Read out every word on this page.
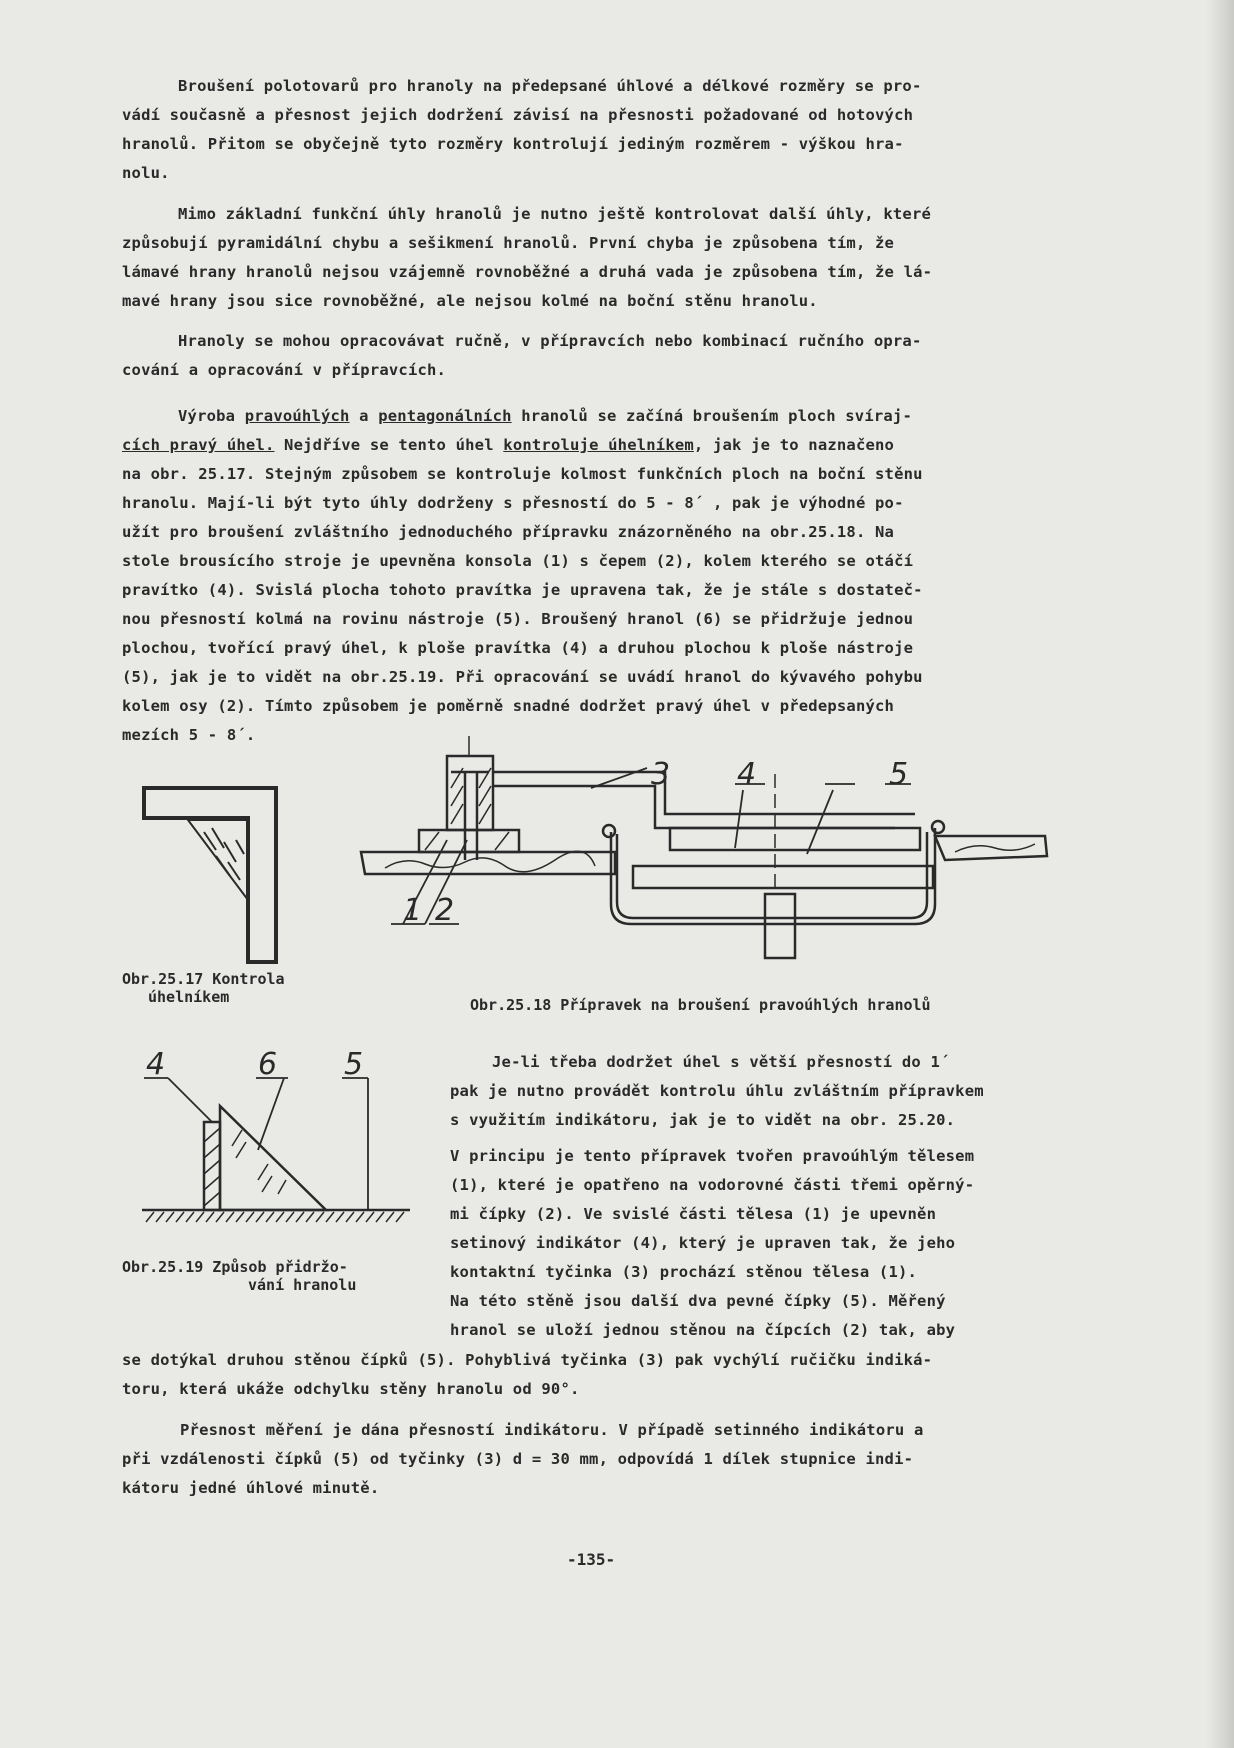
Broušení polotovarů pro hranoly na předepsané úhlové a délkové rozměry se pro-
vádí současně a přesnost jejich dodržení závisí na přesnosti požadované od hotových
hranolů. Přitom se obyčejně tyto rozměry kontrolují jediným rozměrem - výškou hra-
nolu.

Mimo základní funkční úhly hranolů je nutno ještě kontrolovat další úhly, které
způsobují pyramidální chybu a sešikmení hranolů. První chyba je způsobena tím, že
lámavé hrany hranolů nejsou vzájemně rovnoběžné a druhá vada je způsobena tím, že lá-
mavé hrany jsou sice rovnoběžné, ale nejsou kolmé na boční stěnu hranolu.

Hranoly se mohou opracovávat ručně, v přípravcích nebo kombinací ručního opra-
cování a opracování v přípravcích.

Výroba pravoúhlých a pentagonálních hranolů se začíná broušením ploch svíraj-
cích pravý úhel. Nejdříve se tento úhel kontroluje úhelníkem, jak je to naznačeno
na obr. 25.17. Stejným způsobem se kontroluje kolmost funkčních ploch na boční stěnu
hranolu. Mají-li být tyto úhly dodrženy s přesností do 5 - 8´ , pak je výhodné po-
užít pro broušení zvláštního jednoduchého přípravku znázorněného na obr.25.18. Na
stole brousícího stroje je upevněna konsola (1) s čepem (2), kolem kterého se otáčí
pravítko (4). Svislá plocha tohoto pravítka je upravena tak, že je stále s dostateč-
nou přesností kolmá na rovinu nástroje (5). Broušený hranol (6) se přidržuje jednou
plochou, tvořící pravý úhel, k ploše pravítka (4) a druhou plochou k ploše nástroje
(5), jak je to vidět na obr.25.19. Při opracování se uvádí hranol do kývavého pohybu
kolem osy (2). Tímto způsobem je poměrně snadné dodržet pravý úhel v předepsaných
mezích 5 - 8´.

Obr.25.17 Kontrola
úhelníkem

3 4	5
1 2

Obr.25.18 Přípravek na broušení pravoúhlých hranolů

Je-li třeba dodržet úhel s větší přesností do 1´
pak je nutno provádět kontrolu úhlu zvláštním přípravkem
s využitím indikátoru, jak je to vidět na obr. 25.20.

4	6 5

Obr.25.19 Způsob přidržo-
vání hranolu

V principu je tento přípravek tvořen pravoúhlým tělesem
(1), které je opatřeno na vodorovné části třemi opěrný-
mi čípky (2). Ve svislé části tělesa (1) je upevněn
setinový indikátor (4), který je upraven tak, že jeho
kontaktní tyčinka (3) prochází stěnou tělesa (1).
Na této stěně jsou další dva pevné čípky (5). Měřený
hranol se uloží jednou stěnou na čípcích (2) tak, aby

se dotýkal druhou stěnou čípků (5). Pohyblivá tyčinka (3) pak vychýlí ručičku indiká-
toru, která ukáže odchylku stěny hranolu od 90°.

Přesnost měření je dána přesností indikátoru. V případě setinného indikátoru a
při vzdálenosti čípků (5) od tyčinky (3) d = 30 mm, odpovídá 1 dílek stupnice indi-
kátoru jedné úhlové minutě.

-135-
